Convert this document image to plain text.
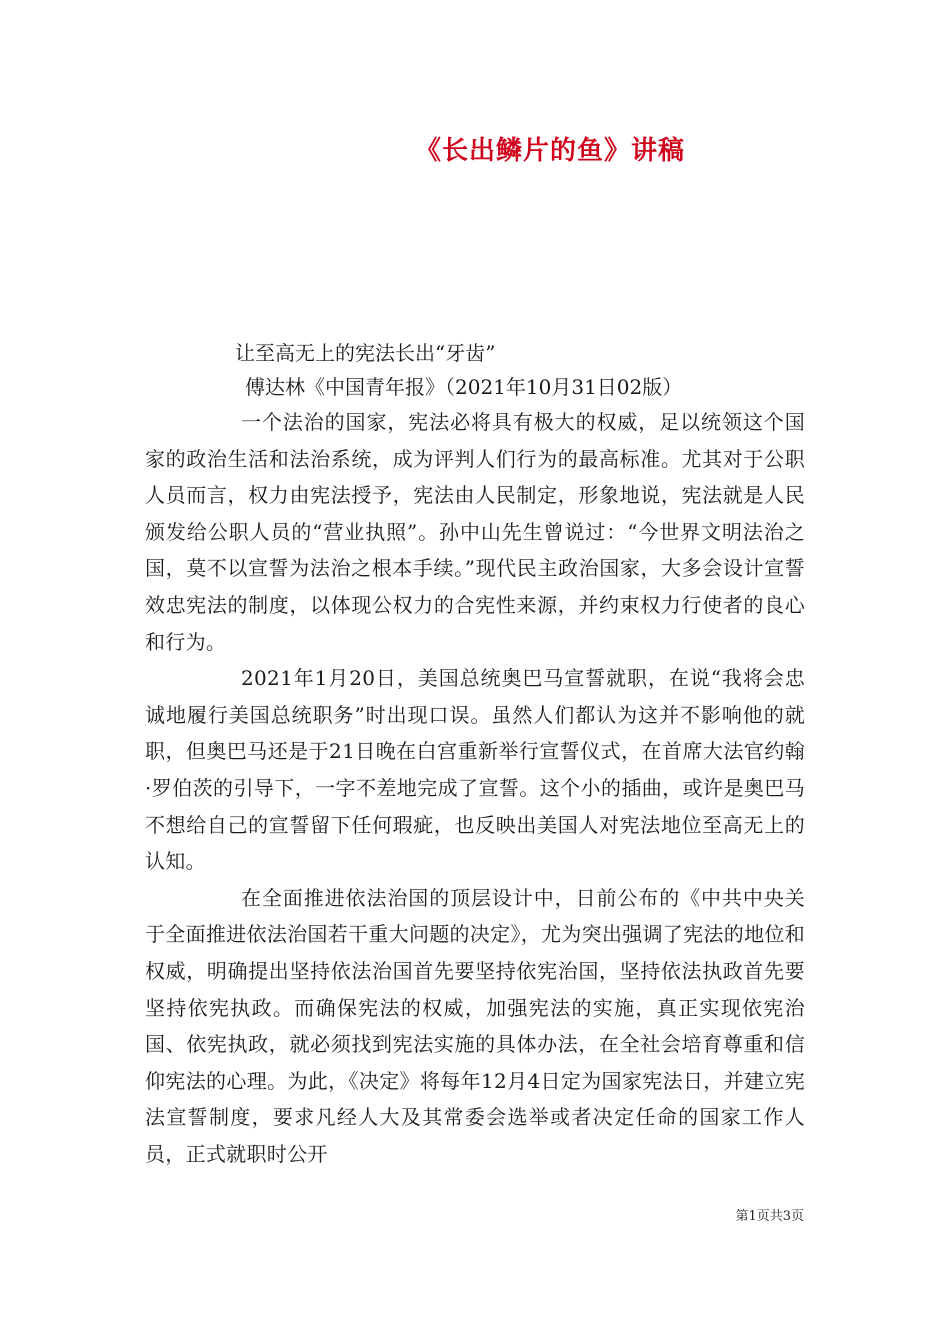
《长出鳞片的鱼》讲稿

让至高无上的宪法长出“牙齿”

傅达林《中国青年报》（2021年10月31日02版）

一个法治的国家，宪法必将具有极大的权威，足以统领这个国家的政治生活和法治系统，成为评判人们行为的最高标准。尤其对于公职人员而言，权力由宪法授予，宪法由人民制定，形象地说，宪法就是人民颁发给公职人员的“营业执照”。孙中山先生曾说过：“今世界文明法治之国，莫不以宣誓为法治之根本手续。”现代民主政治国家，大多会设计宣誓效忠宪法的制度，以体现公权力的合宪性来源，并约束权力行使者的良心和行为。

2021年1月20日，美国总统奥巴马宣誓就职，在说“我将会忠诚地履行美国总统职务”时出现口误。虽然人们都认为这并不影响他的就职，但奥巴马还是于21日晚在白宫重新举行宣誓仪式，在首席大法官约翰·罗伯茨的引导下，一字不差地完成了宣誓。这个小的插曲，或许是奥巴马不想给自己的宣誓留下任何瑕疵，也反映出美国人对宪法地位至高无上的认知。

在全面推进依法治国的顶层设计中，日前公布的《中共中央关于全面推进依法治国若干重大问题的决定》，尤为突出强调了宪法的地位和权威，明确提出坚持依法治国首先要坚持依宪治国，坚持依法执政首先要坚持依宪执政。而确保宪法的权威，加强宪法的实施，真正实现依宪治国、依宪执政，就必须找到宪法实施的具体办法，在全社会培育尊重和信仰宪法的心理。为此，《决定》将每年12月4日定为国家宪法日，并建立宪法宣誓制度，要求凡经人大及其常委会选举或者决定任命的国家工作人员，正式就职时公开

第1页共3页
